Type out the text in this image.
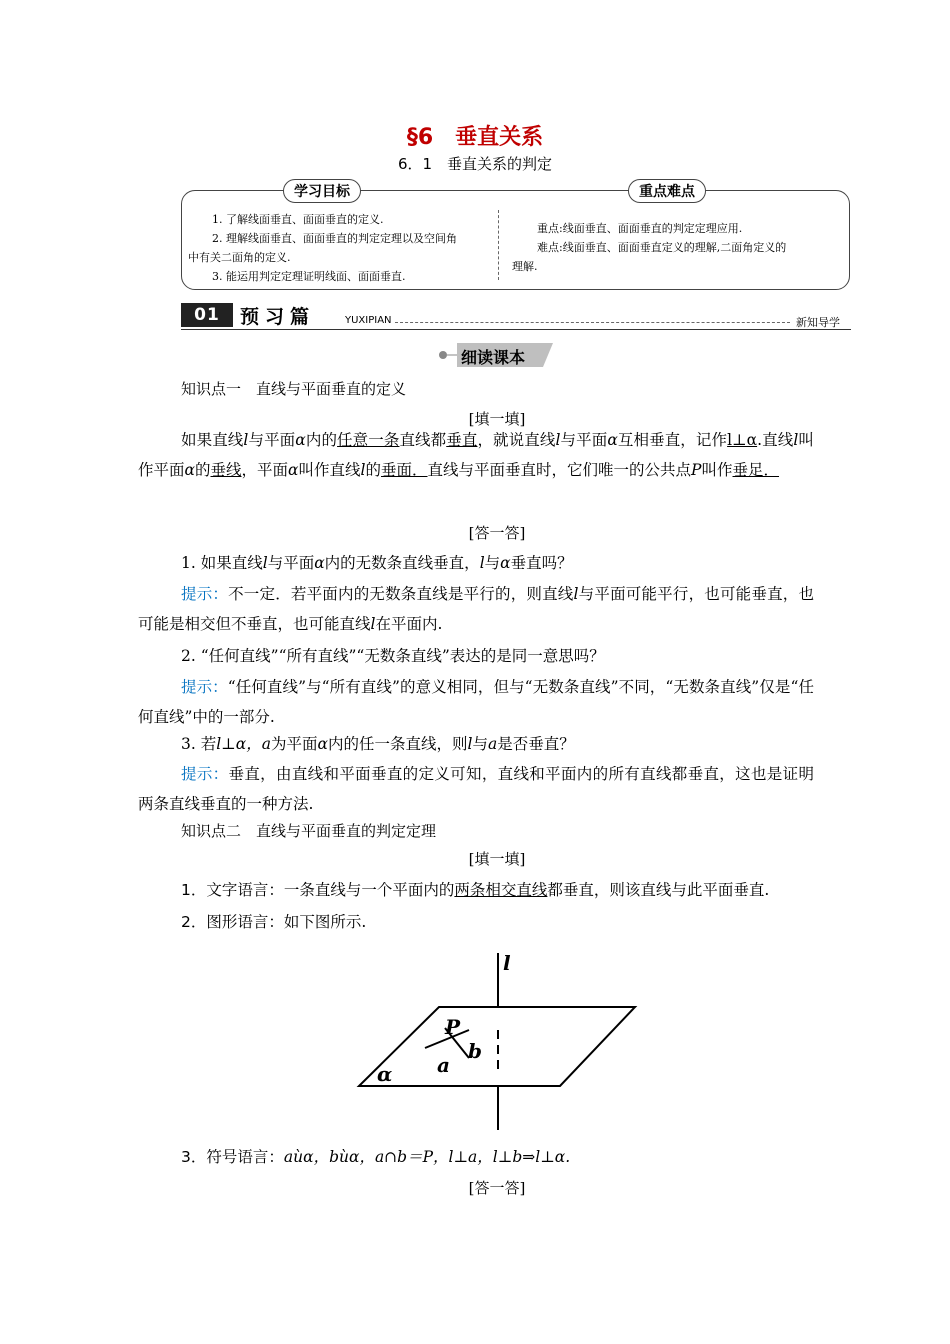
§6　垂直关系
6．1　垂直关系的判定
学习目标	重点难点
1. 了解线面垂直、面面垂直的定义.
2. 理解线面垂直、面面垂直的判定定理以及空间角
中有关二面角的定义.
3. 能运用判定定理证明线面、面面垂直.
重点:线面垂直、面面垂直的判定定理应用.
难点:线面垂直、面面垂直定义的理解,二面角定义的
理解.
01	预习篇	YUXIPIAN	新知导学
细读课本
知识点一　直线与平面垂直的定义
[填一填]
如果直线l与平面α内的任意一条直线都垂直，就说直线l与平面α互相垂直，记作l⊥α.直线l叫作平面α的垂线，平面α叫作直线l的垂面．直线与平面垂直时，它们唯一的公共点P叫作垂足．
[答一答]
1. 如果直线l与平面α内的无数条直线垂直，l与α垂直吗？
提示：不一定．若平面内的无数条直线是平行的，则直线l与平面可能平行，也可能垂直，也可能是相交但不垂直，也可能直线l在平面内.
2. “任何直线”“所有直线”“无数条直线”表达的是同一意思吗？
提示：“任何直线”与“所有直线”的意义相同，但与“无数条直线”不同，“无数条直线”仅是“任何直线”中的一部分.
3. 若l⊥α，a为平面α内的任一条直线，则l与a是否垂直？
提示：垂直，由直线和平面垂直的定义可知，直线和平面内的所有直线都垂直，这也是证明两条直线垂直的一种方法.
知识点二　直线与平面垂直的判定定理
[填一填]
1．文字语言：一条直线与一个平面内的两条相交直线都垂直，则该直线与此平面垂直.
2．图形语言：如下图所示.
l
P
b
a
α
3．符号语言：aùα，bùα，a∩b＝P，l⊥a，l⊥b⇒l⊥α.
[答一答]
